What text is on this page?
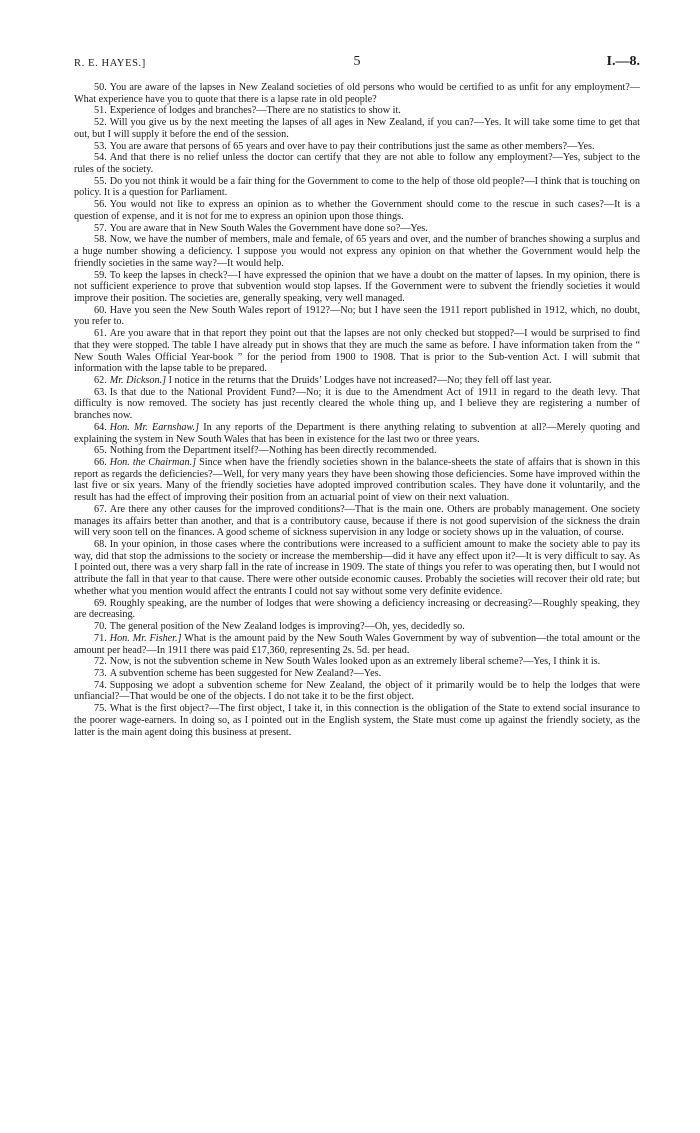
R. E. HAYES.]	5	I.—8.

50. You are aware of the lapses in New Zealand societies of old persons who would be certified to as unfit for any employment?—What experience have you to quote that there is a lapse rate in old people?

51. Experience of lodges and branches?—There are no statistics to show it.

52. Will you give us by the next meeting the lapses of all ages in New Zealand, if you can?—Yes. It will take some time to get that out, but I will supply it before the end of the session.

53. You are aware that persons of 65 years and over have to pay their contributions just the same as other members?—Yes.

54. And that there is no relief unless the doctor can certify that they are not able to follow any employment?—Yes, subject to the rules of the society.

55. Do you not think it would be a fair thing for the Government to come to the help of those old people?—I think that is touching on policy. It is a question for Parliament.

56. You would not like to express an opinion as to whether the Government should come to the rescue in such cases?—It is a question of expense, and it is not for me to express an opinion upon those things.

57. You are aware that in New South Wales the Government have done so?—Yes.

58. Now, we have the number of members, male and female, of 65 years and over, and the number of branches showing a surplus and a huge number showing a deficiency. I suppose you would not express any opinion on that whether the Government would help the friendly societies in the same way?—It would help.

59. To keep the lapses in check?—I have expressed the opinion that we have a doubt on the matter of lapses. In my opinion, there is not sufficient experience to prove that subvention would stop lapses. If the Government were to subvent the friendly societies it would improve their position. The societies are, generally speaking, very well managed.

60. Have you seen the New South Wales report of 1912?—No; but I have seen the 1911 report published in 1912, which, no doubt, you refer to.

61. Are you aware that in that report they point out that the lapses are not only checked but stopped?—I would be surprised to find that they were stopped. The table I have already put in shows that they are much the same as before. I have information taken from the “ New South Wales Official Year-book ” for the period from 1900 to 1908. That is prior to the Sub-vention Act. I will submit that information with the lapse table to be prepared.

62. Mr. Dickson.] I notice in the returns that the Druids’ Lodges have not increased?—No; they fell off last year.

63. Is that due to the National Provident Fund?—No; it is due to the Amendment Act of 1911 in regard to the death levy. That difficulty is now removed. The society has just recently cleared the whole thing up, and I believe they are registering a number of branches now.

64. Hon. Mr. Earnshaw.] In any reports of the Department is there anything relating to subvention at all?—Merely quoting and explaining the system in New South Wales that has been in existence for the last two or three years.

65. Nothing from the Department itself?—Nothing has been directly recommended.

66. Hon. the Chairman.] Since when have the friendly societies shown in the balance-sheets the state of affairs that is shown in this report as regards the deficiencies?—Well, for very many years they have been showing those deficiencies. Some have improved within the last five or six years. Many of the friendly societies have adopted improved contribution scales. They have done it voluntarily, and the result has had the effect of improving their position from an actuarial point of view on their next valuation.

67. Are there any other causes for the improved conditions?—That is the main one. Others are probably management. One society manages its affairs better than another, and that is a contributory cause, because if there is not good supervision of the sickness the drain will very soon tell on the finances. A good scheme of sickness supervision in any lodge or society shows up in the valuation, of course.

68. In your opinion, in those cases where the contributions were increased to a sufficient amount to make the society able to pay its way, did that stop the admissions to the society or increase the membership—did it have any effect upon it?—It is very difficult to say. As I pointed out, there was a very sharp fall in the rate of increase in 1909. The state of things you refer to was operating then, but I would not attribute the fall in that year to that cause. There were other outside economic causes. Probably the societies will recover their old rate; but whether what you mention would affect the entrants I could not say without some very definite evidence.

69. Roughly speaking, are the number of lodges that were showing a deficiency increasing or decreasing?—Roughly speaking, they are decreasing.

70. The general position of the New Zealand lodges is improving?—Oh, yes, decidedly so.

71. Hon. Mr. Fisher.] What is the amount paid by the New South Wales Government by way of subvention—the total amount or the amount per head?—In 1911 there was paid £17,360, representing 2s. 5d. per head.

72. Now, is not the subvention scheme in New South Wales looked upon as an extremely liberal scheme?—Yes, I think it is.

73. A subvention scheme has been suggested for New Zealand?—Yes.

74. Supposing we adopt a subvention scheme for New Zealand, the object of it primarily would be to help the lodges that were unfiancial?—That would be one of the objects. I do not take it to be the first object.

75. What is the first object?—The first object, I take it, in this connection is the obligation of the State to extend social insurance to the poorer wage-earners. In doing so, as I pointed out in the English system, the State must come up against the friendly society, as the latter is the main agent doing this business at present.
